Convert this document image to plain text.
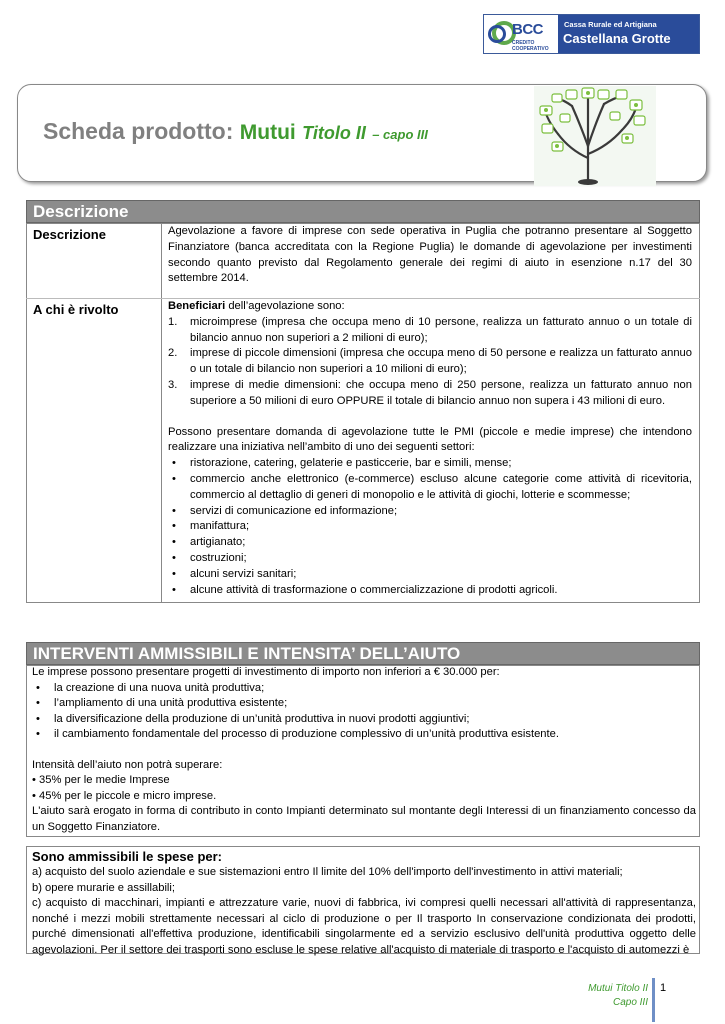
BCC
CREDITO COOPERATIVO
Cassa Rurale ed Artigiana
Castellana Grotte
Scheda prodotto: Mutui Titolo II – capo III
Descrizione
Descrizione	Agevolazione a favore di imprese con sede operativa in Puglia che potranno presentare al Soggetto Finanziatore (banca accreditata con la Regione Puglia) le domande di agevolazione per investimenti secondo quanto previsto dal Regolamento generale dei regimi di aiuto in esenzione n.17 del 30 settembre 2014.
A chi è rivolto	Beneficiari dell’agevolazione sono:
1. microimprese (impresa che occupa meno di 10 persone, realizza un fatturato annuo o un totale di bilancio annuo non superiori a 2 milioni di euro);
2. imprese di piccole dimensioni (impresa che occupa meno di 50 persone e realizza un fatturato annuo o un totale di bilancio non superiori a 10 milioni di euro);
3. imprese di medie dimensioni: che occupa meno di 250 persone, realizza un fatturato annuo non superiore a 50 milioni di euro OPPURE il totale di bilancio annuo non supera i 43 milioni di euro.
Possono presentare domanda di agevolazione tutte le PMI (piccole e medie imprese) che intendono realizzare una iniziativa nell’ambito di uno dei seguenti settori:
• ristorazione, catering, gelaterie e pasticcerie, bar e simili, mense;
• commercio anche elettronico (e-commerce) escluso alcune categorie come attività di ricevitoria, commercio al dettaglio di generi di monopolio e le attività di giochi, lotterie e scommesse;
• servizi di comunicazione ed informazione;
• manifattura;
• artigianato;
• costruzioni;
• alcuni servizi sanitari;
• alcune attività di trasformazione o commercializzazione di prodotti agricoli.
INTERVENTI AMMISSIBILI E INTENSITA’ DELL’AIUTO
Le imprese possono presentare progetti di investimento di importo non inferiori a € 30.000 per:
• la creazione di una nuova unità produttiva;
• l’ampliamento di una unità produttiva esistente;
• la diversificazione della produzione di un’unità produttiva in nuovi prodotti aggiuntivi;
• il cambiamento fondamentale del processo di produzione complessivo di un’unità produttiva esistente.
Intensità dell’aiuto non potrà superare:
• 35% per le medie Imprese
• 45% per le piccole e micro imprese.
L'aiuto sarà erogato in forma di contributo in conto Impianti determinato sul montante degli Interessi di un finanziamento concesso da un Soggetto Finanziatore.
Sono ammissibili le spese per:
a) acquisto del suolo aziendale e sue sistemazioni entro Il limite del 10% dell'importo dell'investimento in attivi materiali;
b) opere murarie e assillabili;
c) acquisto di macchinari, impianti e attrezzature varie, nuovi di fabbrica, ivi compresi quelli necessari all'attività di rappresentanza, nonché i mezzi mobili strettamente necessari al ciclo di produzione o per Il trasporto In conservazione condizionata dei prodotti, purché dimensionati all'effettiva produzione, identificabili singolarmente ed a servizio esclusivo dell'unità produttiva oggetto delle agevolazioni. Per il settore dei trasporti sono escluse le spese relative all'acquisto di materiale di trasporto e l'acquisto di automezzi è
Mutui Titolo II
Capo III
1
